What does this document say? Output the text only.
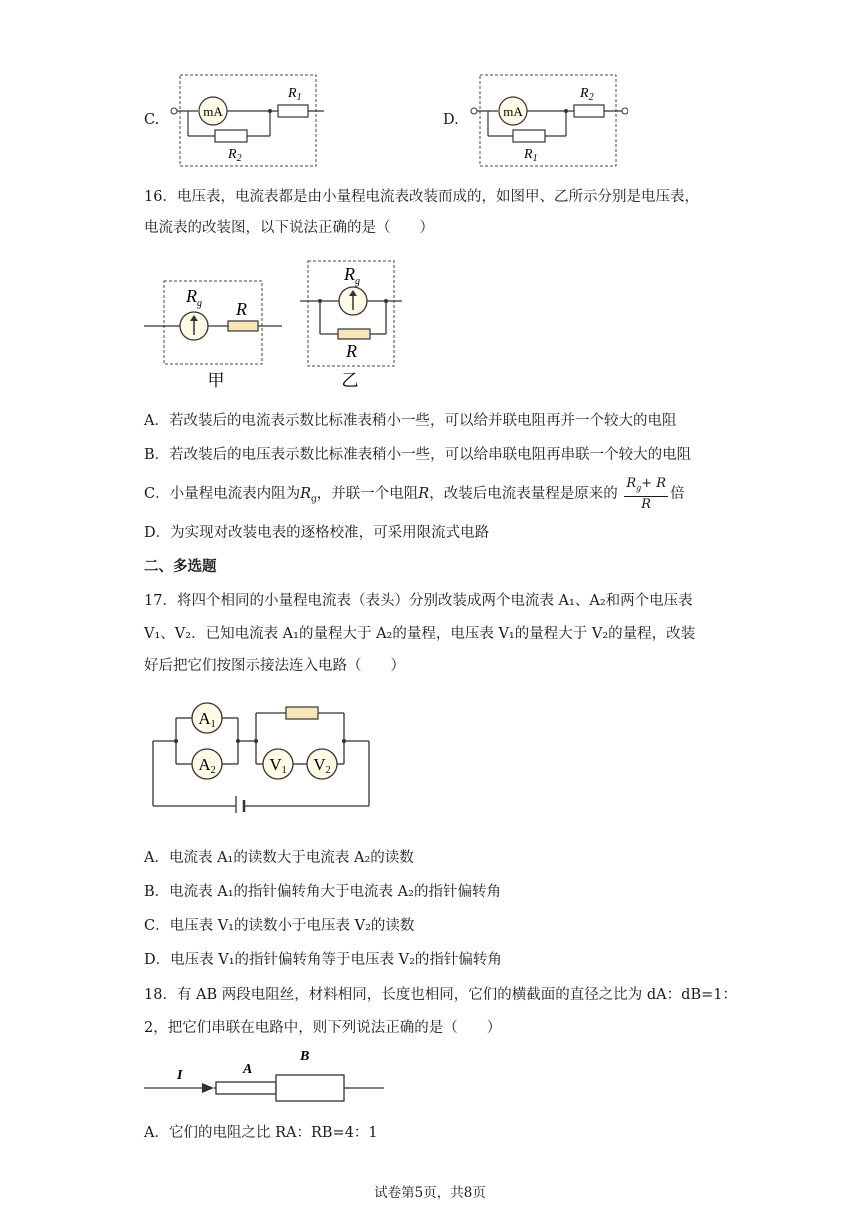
C.
mA
$R_1$
$R_2$
D.
mA
$R_2$
$R_1$
16．电压表，电流表都是由小量程电流表改装而成的，如图甲、乙所示分别是电压表，
电流表的改装图，以下说法正确的是（　　）
$R_g$ R
甲
$R_g$
R
乙
A．若改装后的电流表示数比标准表稍小一些，可以给并联电阻再并一个较大的电阻
B．若改装后的电压表示数比标准表稍小一些，可以给串联电阻再串联一个较大的电阻
C．小量程电流表内阻为$R_g$，并联一个电阻R，改装后电流表量程是原来的 $\frac{R_g+ R}{R}$ 倍
D．为实现对改装电表的逐格校准，可采用限流式电路
二、多选题
17．将四个相同的小量程电流表（表头）分别改装成两个电流表 A₁、A₂和两个电压表
V₁、V₂．已知电流表 A₁的量程大于 A₂的量程，电压表 V₁的量程大于 V₂的量程，改装
好后把它们按图示接法连入电路（　　）
A1
A2	V1 V2
A．电流表 A₁的读数大于电流表 A₂的读数
B．电流表 A₁的指针偏转角大于电流表 A₂的指针偏转角
C．电压表 V₁的读数小于电压表 V₂的读数
D．电压表 V₁的指针偏转角等于电压表 V₂的指针偏转角
18．有 AB 两段电阻丝，材料相同，长度也相同，它们的横截面的直径之比为 dA：dB=1：
2，把它们串联在电路中，则下列说法正确的是（　　）
I	A
B
A．它们的电阻之比 RA：RB=4：1
试卷第5页，共8页
